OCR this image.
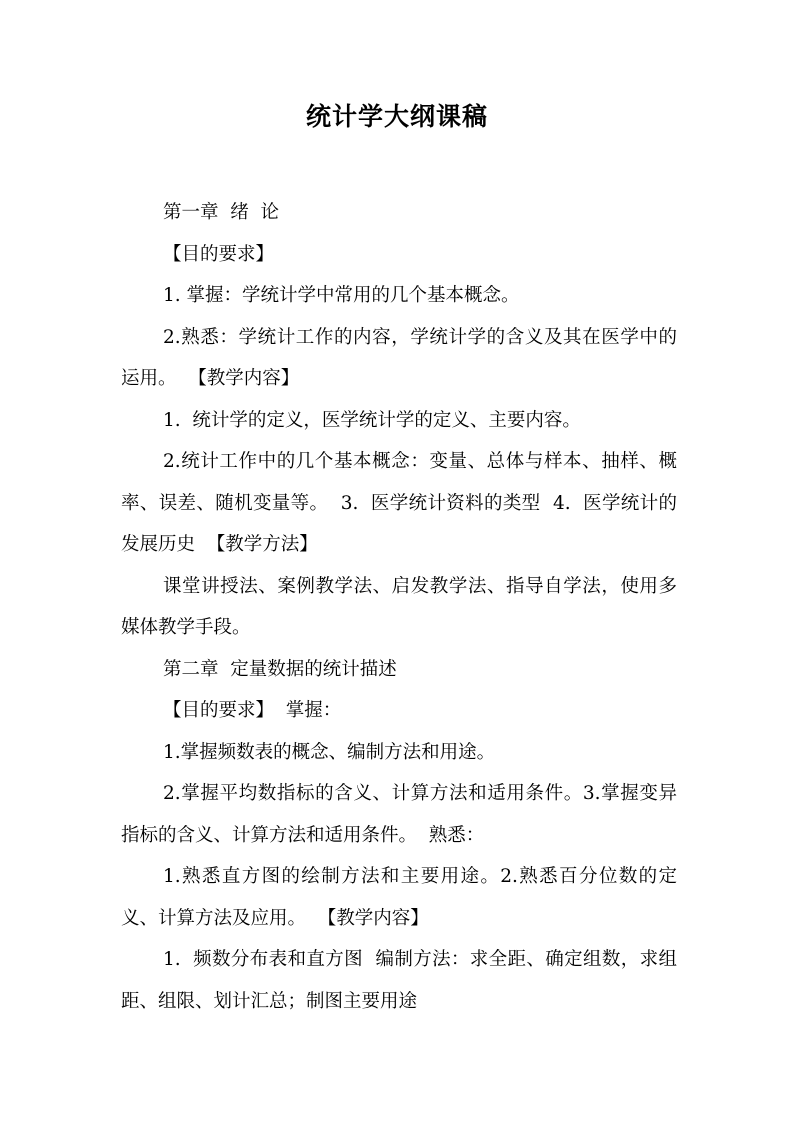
统计学大纲课稿

第一章  绪  论

【目的要求】

1. 掌握：学统计学中常用的几个基本概念。

2.熟悉：学统计工作的内容，学统计学的含义及其在医学中的运用。  【教学内容】

1.  统计学的定义，医学统计学的定义、主要内容。

2.统计工作中的几个基本概念：变量、总体与样本、抽样、概率、误差、随机变量等。  3.  医学统计资料的类型  4.  医学统计的发展历史  【教学方法】

课堂讲授法、案例教学法、启发教学法、指导自学法，使用多媒体教学手段。

第二章  定量数据的统计描述

【目的要求】  掌握：

1.掌握频数表的概念、编制方法和用途。

2.掌握平均数指标的含义、计算方法和适用条件。3.掌握变异指标的含义、计算方法和适用条件。  熟悉：

1.熟悉直方图的绘制方法和主要用途。2.熟悉百分位数的定义、计算方法及应用。  【教学内容】

1.  频数分布表和直方图  编制方法：求全距、确定组数，求组距、组限、划计汇总；制图主要用途
